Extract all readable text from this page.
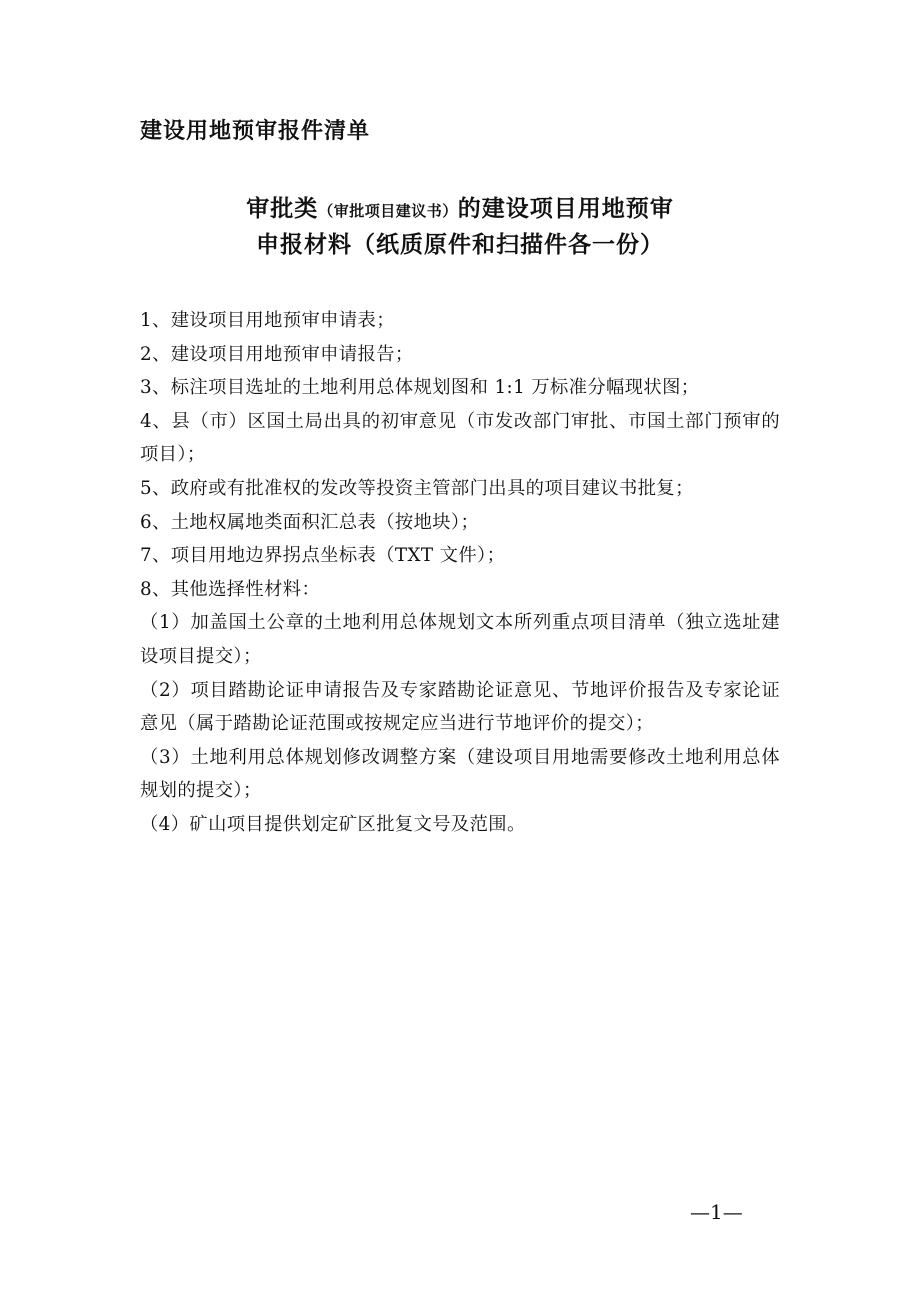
建设用地预审报件清单
审批类（审批项目建议书）的建设项目用地预审
申报材料（纸质原件和扫描件各一份）
1、建设项目用地预审申请表；
2、建设项目用地预审申请报告；
3、标注项目选址的土地利用总体规划图和 1:1 万标准分幅现状图；
4、县（市）区国土局出具的初审意见（市发改部门审批、市国土部门预审的项目）；
5、政府或有批准权的发改等投资主管部门出具的项目建议书批复；
6、土地权属地类面积汇总表（按地块）；
7、项目用地边界拐点坐标表（TXT 文件）；
8、其他选择性材料：
（1）加盖国土公章的土地利用总体规划文本所列重点项目清单（独立选址建设项目提交）；
（2）项目踏勘论证申请报告及专家踏勘论证意见、节地评价报告及专家论证意见（属于踏勘论证范围或按规定应当进行节地评价的提交）；
（3）土地利用总体规划修改调整方案（建设项目用地需要修改土地利用总体规划的提交）；
（4）矿山项目提供划定矿区批复文号及范围。
—1—
